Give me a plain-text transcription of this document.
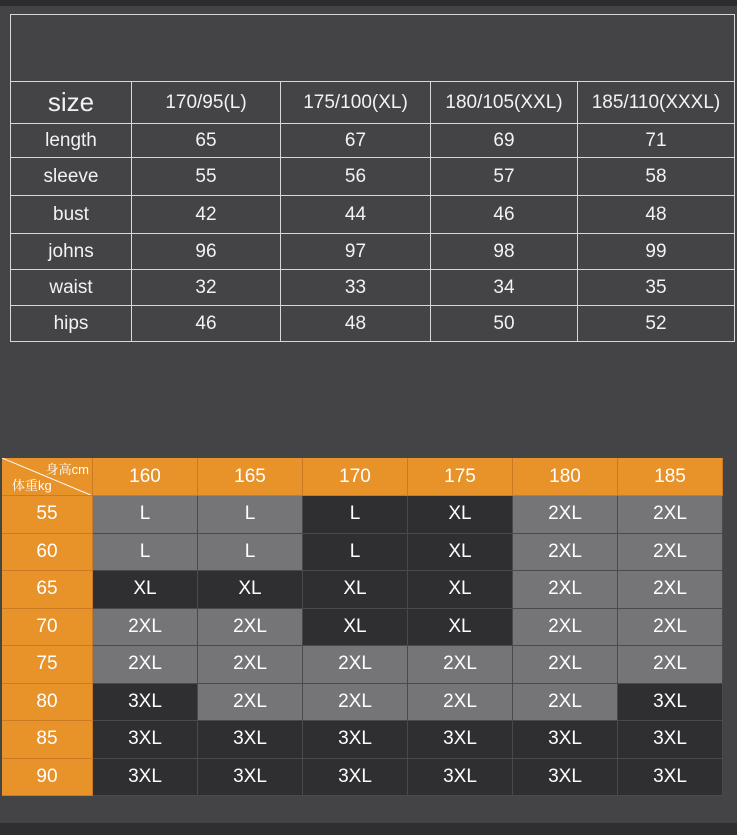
size	170/95(L)	175/100(XL)	180/105(XXL)	185/110(XXXL)
length	65	67	69	71
sleeve	55	56	57	58
bust	42	44	46	48
johns	96	97	98	99
waist	32	33	34	35
hips	46	48	50	52
身高cm
体重kg	160	165	170	175	180	185
55	L	L	L	XL	2XL	2XL
60	L	L	L	XL	2XL	2XL
65	XL	XL	XL	XL	2XL	2XL
70	2XL	2XL	XL	XL	2XL	2XL
75	2XL	2XL	2XL	2XL	2XL	2XL
80	3XL	2XL	2XL	2XL	2XL	3XL
85	3XL	3XL	3XL	3XL	3XL	3XL
90	3XL	3XL	3XL	3XL	3XL	3XL
